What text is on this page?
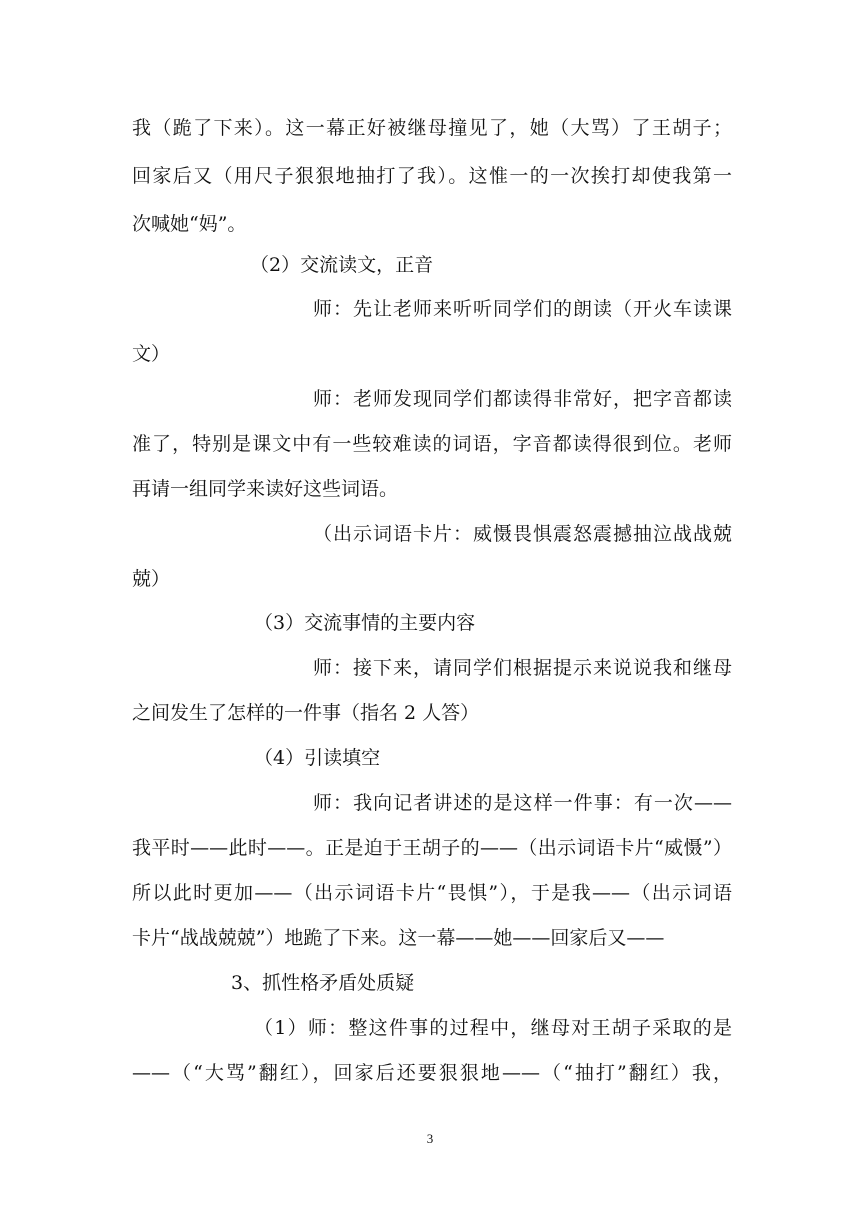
我（跪了下来）。这一幕正好被继母撞见了，她（大骂）了王胡子；
回家后又（用尺子狠狠地抽打了我）。这惟一的一次挨打却使我第一
次喊她“妈”。
（2）交流读文，正音
师：先让老师来听听同学们的朗读（开火车读课
文）
师：老师发现同学们都读得非常好，把字音都读
准了，特别是课文中有一些较难读的词语，字音都读得很到位。老师
再请一组同学来读好这些词语。
（出示词语卡片：威慑畏惧震怒震撼抽泣战战兢
兢）
（3）交流事情的主要内容
师：接下来，请同学们根据提示来说说我和继母
之间发生了怎样的一件事（指名 2 人答）
（4）引读填空
师：我向记者讲述的是这样一件事：有一次——
我平时——此时——。正是迫于王胡子的——（出示词语卡片“威慑”）
所以此时更加——（出示词语卡片“畏惧”），于是我——（出示词语
卡片“战战兢兢”）地跪了下来。这一幕——她——回家后又——
3、抓性格矛盾处质疑
（1）师：整这件事的过程中，继母对王胡子采取的是
——（“大骂”翻红），回家后还要狠狠地——（“抽打”翻红）我，
3
